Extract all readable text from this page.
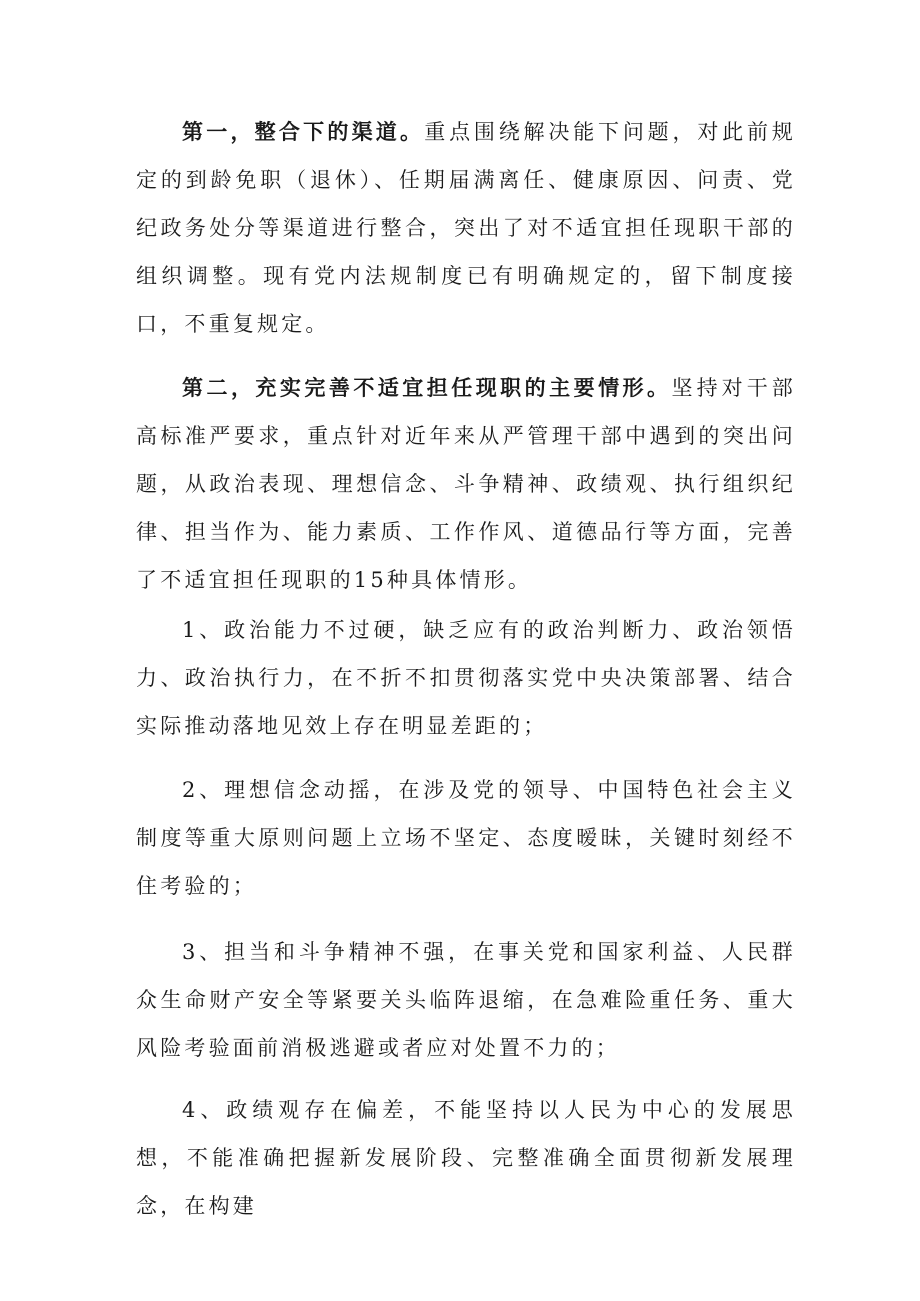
第一，整合下的渠道。重点围绕解决能下问题，对此前规定的到龄免职（退休）、任期届满离任、健康原因、问责、党纪政务处分等渠道进行整合，突出了对不适宜担任现职干部的组织调整。现有党内法规制度已有明确规定的，留下制度接口，不重复规定。

第二，充实完善不适宜担任现职的主要情形。坚持对干部高标准严要求，重点针对近年来从严管理干部中遇到的突出问题，从政治表现、理想信念、斗争精神、政绩观、执行组织纪律、担当作为、能力素质、工作作风、道德品行等方面，完善了不适宜担任现职的15种具体情形。

1、政治能力不过硬，缺乏应有的政治判断力、政治领悟力、政治执行力，在不折不扣贯彻落实党中央决策部署、结合实际推动落地见效上存在明显差距的；

2、理想信念动摇，在涉及党的领导、中国特色社会主义制度等重大原则问题上立场不坚定、态度暧昧，关键时刻经不住考验的；

3、担当和斗争精神不强，在事关党和国家利益、人民群众生命财产安全等紧要关头临阵退缩，在急难险重任务、重大风险考验面前消极逃避或者应对处置不力的；

4、政绩观存在偏差，不能坚持以人民为中心的发展思想，不能准确把握新发展阶段、完整准确全面贯彻新发展理念，在构建
